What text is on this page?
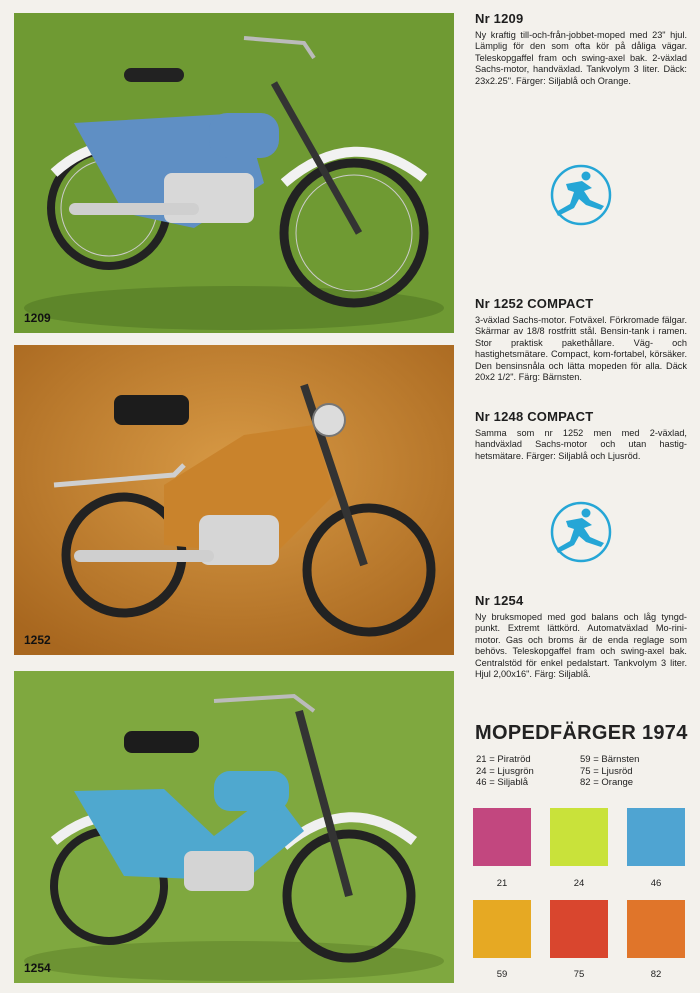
1209
1252
1254
Nr 1209

Ny kraftig till-och-från-jobbet-moped med 23" hjul. Lämplig för den som ofta kör på dåliga vägar. Teleskopgaffel fram och swing-axel bak. 2-växlad Sachs-motor, handväxlad. Tankvolym 3 liter. Däck: 23x2.25". Färger: Siljablå och Orange.

Nr 1252 COMPACT

3-växlad Sachs-motor. Fotväxel. Förkromade fälgar. Skärmar av 18/8 rostfritt stål. Bensin-tank i ramen. Stor praktisk pakethållare. Väg- och hastighetsmätare. Compact, kom-fortabel, körsäker. Den bensinsnåla och lätta mopeden för alla. Däck 20x2 1/2". Färg: Bärnsten.

Nr 1248 COMPACT

Samma som nr 1252 men med 2-växlad, handväxlad Sachs-motor och utan hastig-hetsmätare. Färger: Siljablå och Ljusröd.

Nr 1254

Ny bruksmoped med god balans och låg tyngd-punkt. Extremt lättkörd. Automatväxlad Mo-rini-motor. Gas och broms är de enda reglage som behövs. Teleskopgaffel fram och swing-axel bak. Centralstöd för enkel pedalstart. Tankvolym 3 liter. Hjul 2,00x16". Färg: Siljablå.

MOPEDFÄRGER 1974
21 = Piratröd
24 = Ljusgrön
46 = Siljablå
59 = Bärnsten
75 = Ljusröd
82 = Orange
21	24	46
59	75	82
